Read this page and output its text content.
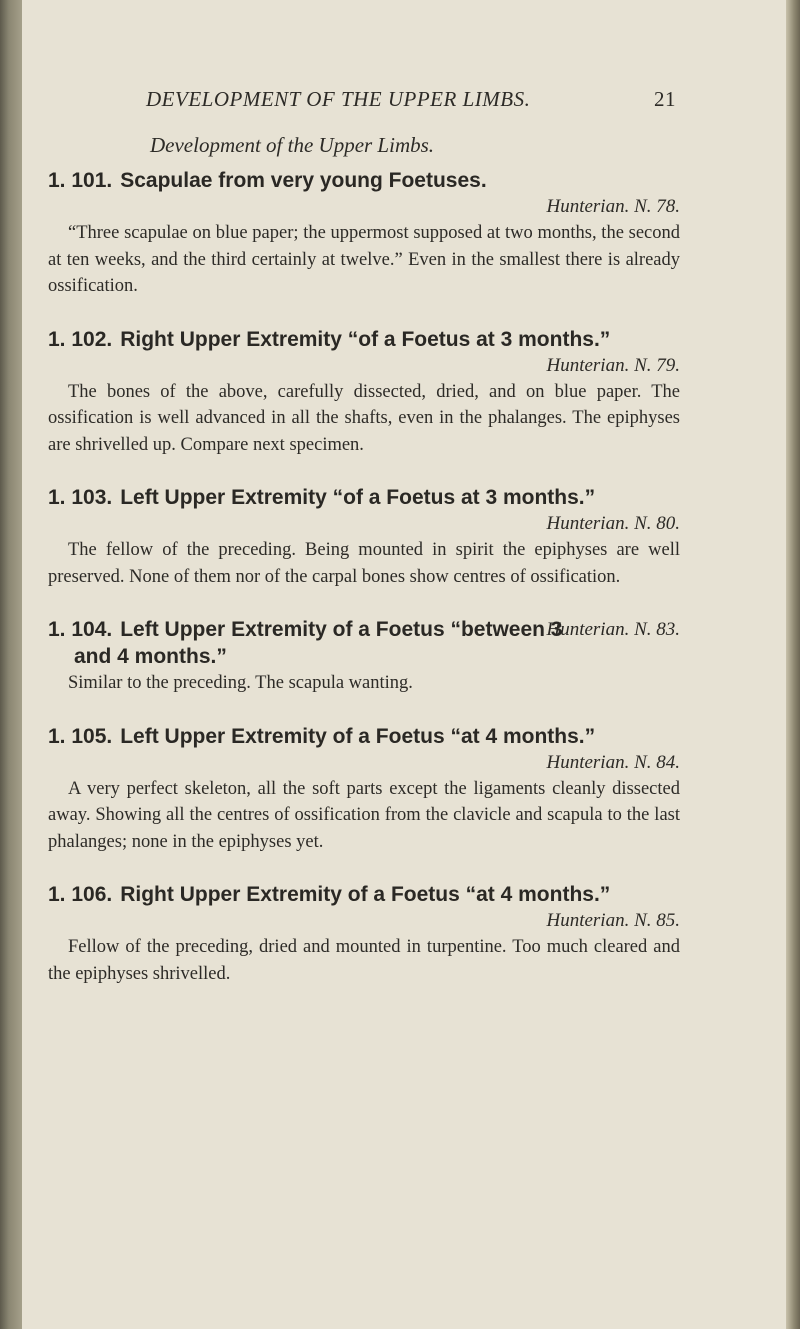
DEVELOPMENT OF THE UPPER LIMBS.	21
Development of the Upper Limbs.
1. 101. Scapulae from very young Foetuses.
Hunterian. N. 78.
“Three scapulae on blue paper; the uppermost supposed at two months, the second at ten weeks, and the third certainly at twelve.” Even in the smallest there is already ossification.
1. 102. Right Upper Extremity “of a Foetus at 3 months.”
Hunterian. N. 79.
The bones of the above, carefully dissected, dried, and on blue paper. The ossification is well advanced in all the shafts, even in the phalanges. The epiphyses are shrivelled up. Compare next specimen.
1. 103. Left Upper Extremity “of a Foetus at 3 months.”
Hunterian. N. 80.
The fellow of the preceding. Being mounted in spirit the epiphyses are well preserved. None of them nor of the carpal bones show centres of ossification.
Hunterian. N. 83.
1. 104. Left Upper Extremity of a Foetus “between 3 and 4 months.”
Similar to the preceding. The scapula wanting.
1. 105. Left Upper Extremity of a Foetus “at 4 months.”
Hunterian. N. 84.
A very perfect skeleton, all the soft parts except the ligaments cleanly dissected away. Showing all the centres of ossification from the clavicle and scapula to the last phalanges; none in the epiphyses yet.
1. 106. Right Upper Extremity of a Foetus “at 4 months.”
Hunterian. N. 85.
Fellow of the preceding, dried and mounted in turpentine. Too much cleared and the epiphyses shrivelled.
